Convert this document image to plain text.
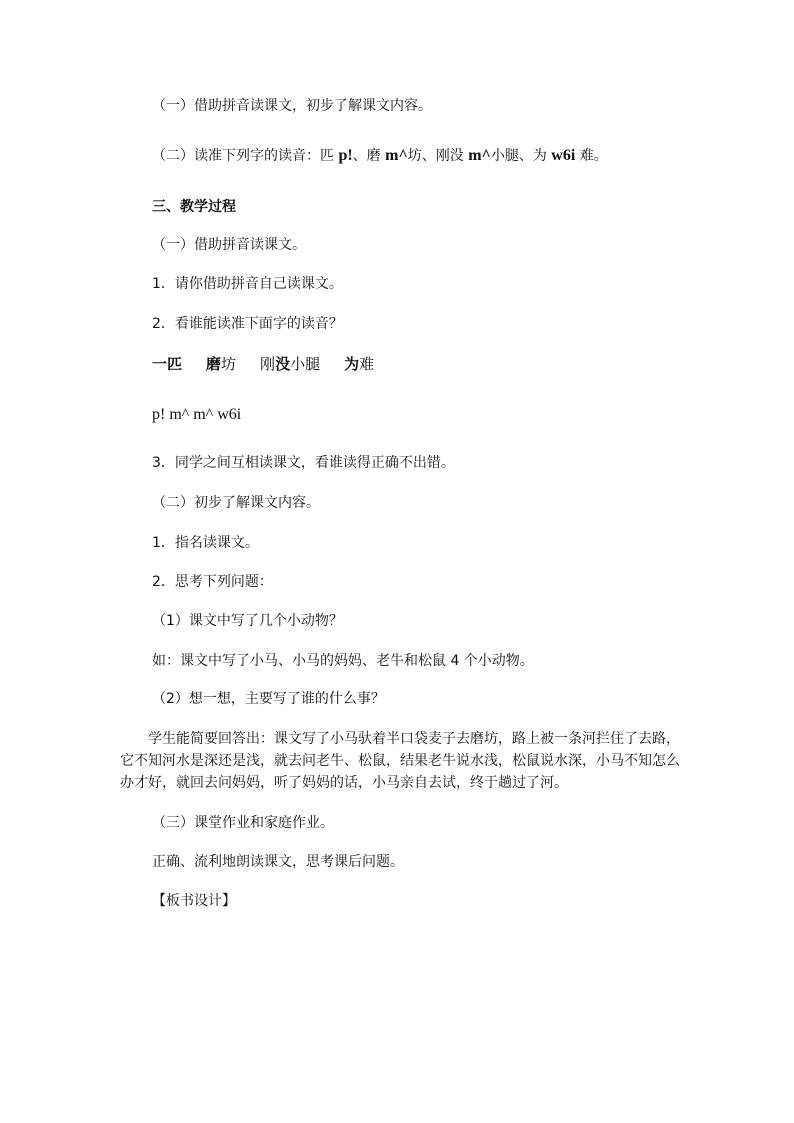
（一）借助拼音读课文，初步了解课文内容。
（二）读准下列字的读音：匹 p!、磨 m^坊、刚没 m^小腿、为 w6i 难。
三、教学过程
（一）借助拼音读课文。
1．请你借助拼音自己读课文。
2．看谁能读准下面字的读音？
一匹 磨坊 刚没小腿 为难
p! m^ m^ w6i
3．同学之间互相读课文，看谁读得正确不出错。
（二）初步了解课文内容。
1．指名读课文。
2．思考下列问题：
（1）课文中写了几个小动物？
如：课文中写了小马、小马的妈妈、老牛和松鼠 4 个小动物。
（2）想一想，主要写了谁的什么事？
学生能简要回答出：课文写了小马驮着半口袋麦子去磨坊，路上被一条河拦住了去路，它不知河水是深还是浅，就去问老牛、松鼠，结果老牛说水浅，松鼠说水深，小马不知怎么办才好，就回去问妈妈，听了妈妈的话，小马亲自去试，终于趟过了河。
（三）课堂作业和家庭作业。
正确、流利地朗读课文，思考课后问题。
【板书设计】
